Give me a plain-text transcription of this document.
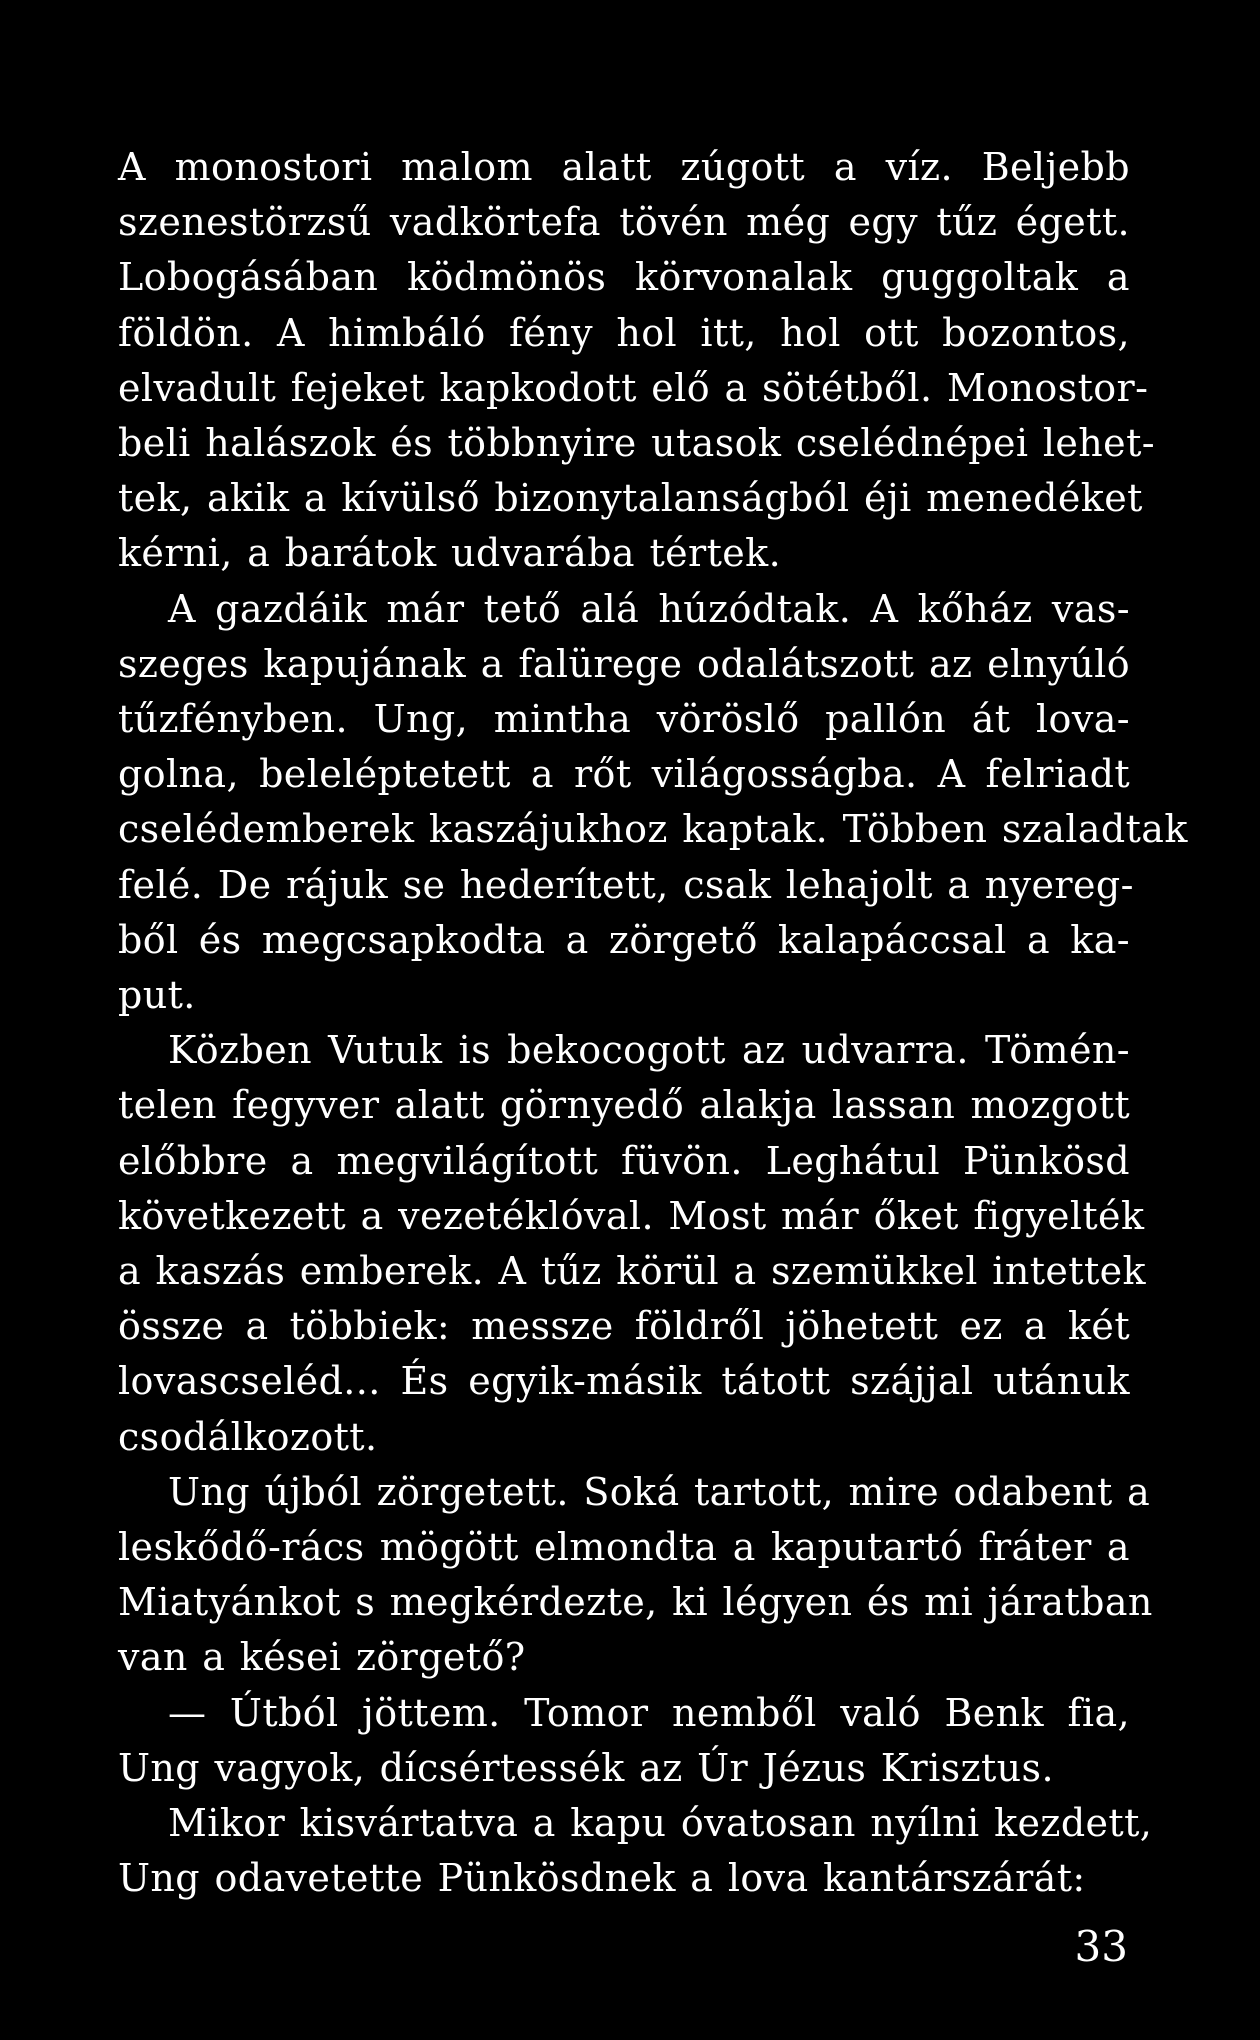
A monostori malom alatt zúgott a víz. Beljebb
szenestörzsű vadkörtefa tövén még egy tűz égett.
Lobogásában ködmönös körvonalak guggoltak a
földön. A himbáló fény hol itt, hol ott bozontos,
elvadult fejeket kapkodott elő a sötétből. Monostor-
beli halászok és többnyire utasok cselédnépei lehet-
tek, akik a kívülső bizonytalanságból éji menedéket
kérni, a barátok udvarába tértek.
A gazdáik már tető alá húzódtak. A kőház vas-
szeges kapujának a falürege odalátszott az elnyúló
tűzfényben. Ung, mintha vöröslő pallón át lova-
golna, beleléptetett a rőt világosságba. A felriadt
cselédemberek kaszájukhoz kaptak. Többen szaladtak
felé. De rájuk se hederített, csak lehajolt a nyereg-
ből és megcsapkodta a zörgető kalapáccsal a ka-
put.
Közben Vutuk is bekocogott az udvarra. Tömén-
telen fegyver alatt görnyedő alakja lassan mozgott
előbbre a megvilágított füvön. Leghátul Pünkösd
következett a vezetéklóval. Most már őket figyelték
a kaszás emberek. A tűz körül a szemükkel intettek
össze a többiek: messze földről jöhetett ez a két
lovascseléd... És egyik-másik tátott szájjal utánuk
csodálkozott.
Ung újból zörgetett. Soká tartott, mire odabent a
leskődő-rács mögött elmondta a kaputartó fráter a
Miatyánkot s megkérdezte, ki légyen és mi járatban
van a kései zörgető?
— Útból jöttem. Tomor nemből való Benk fia,
Ung vagyok, dícsértessék az Úr Jézus Krisztus.
Mikor kisvártatva a kapu óvatosan nyílni kezdett,
Ung odavetette Pünkösdnek a lova kantárszárát:
33
